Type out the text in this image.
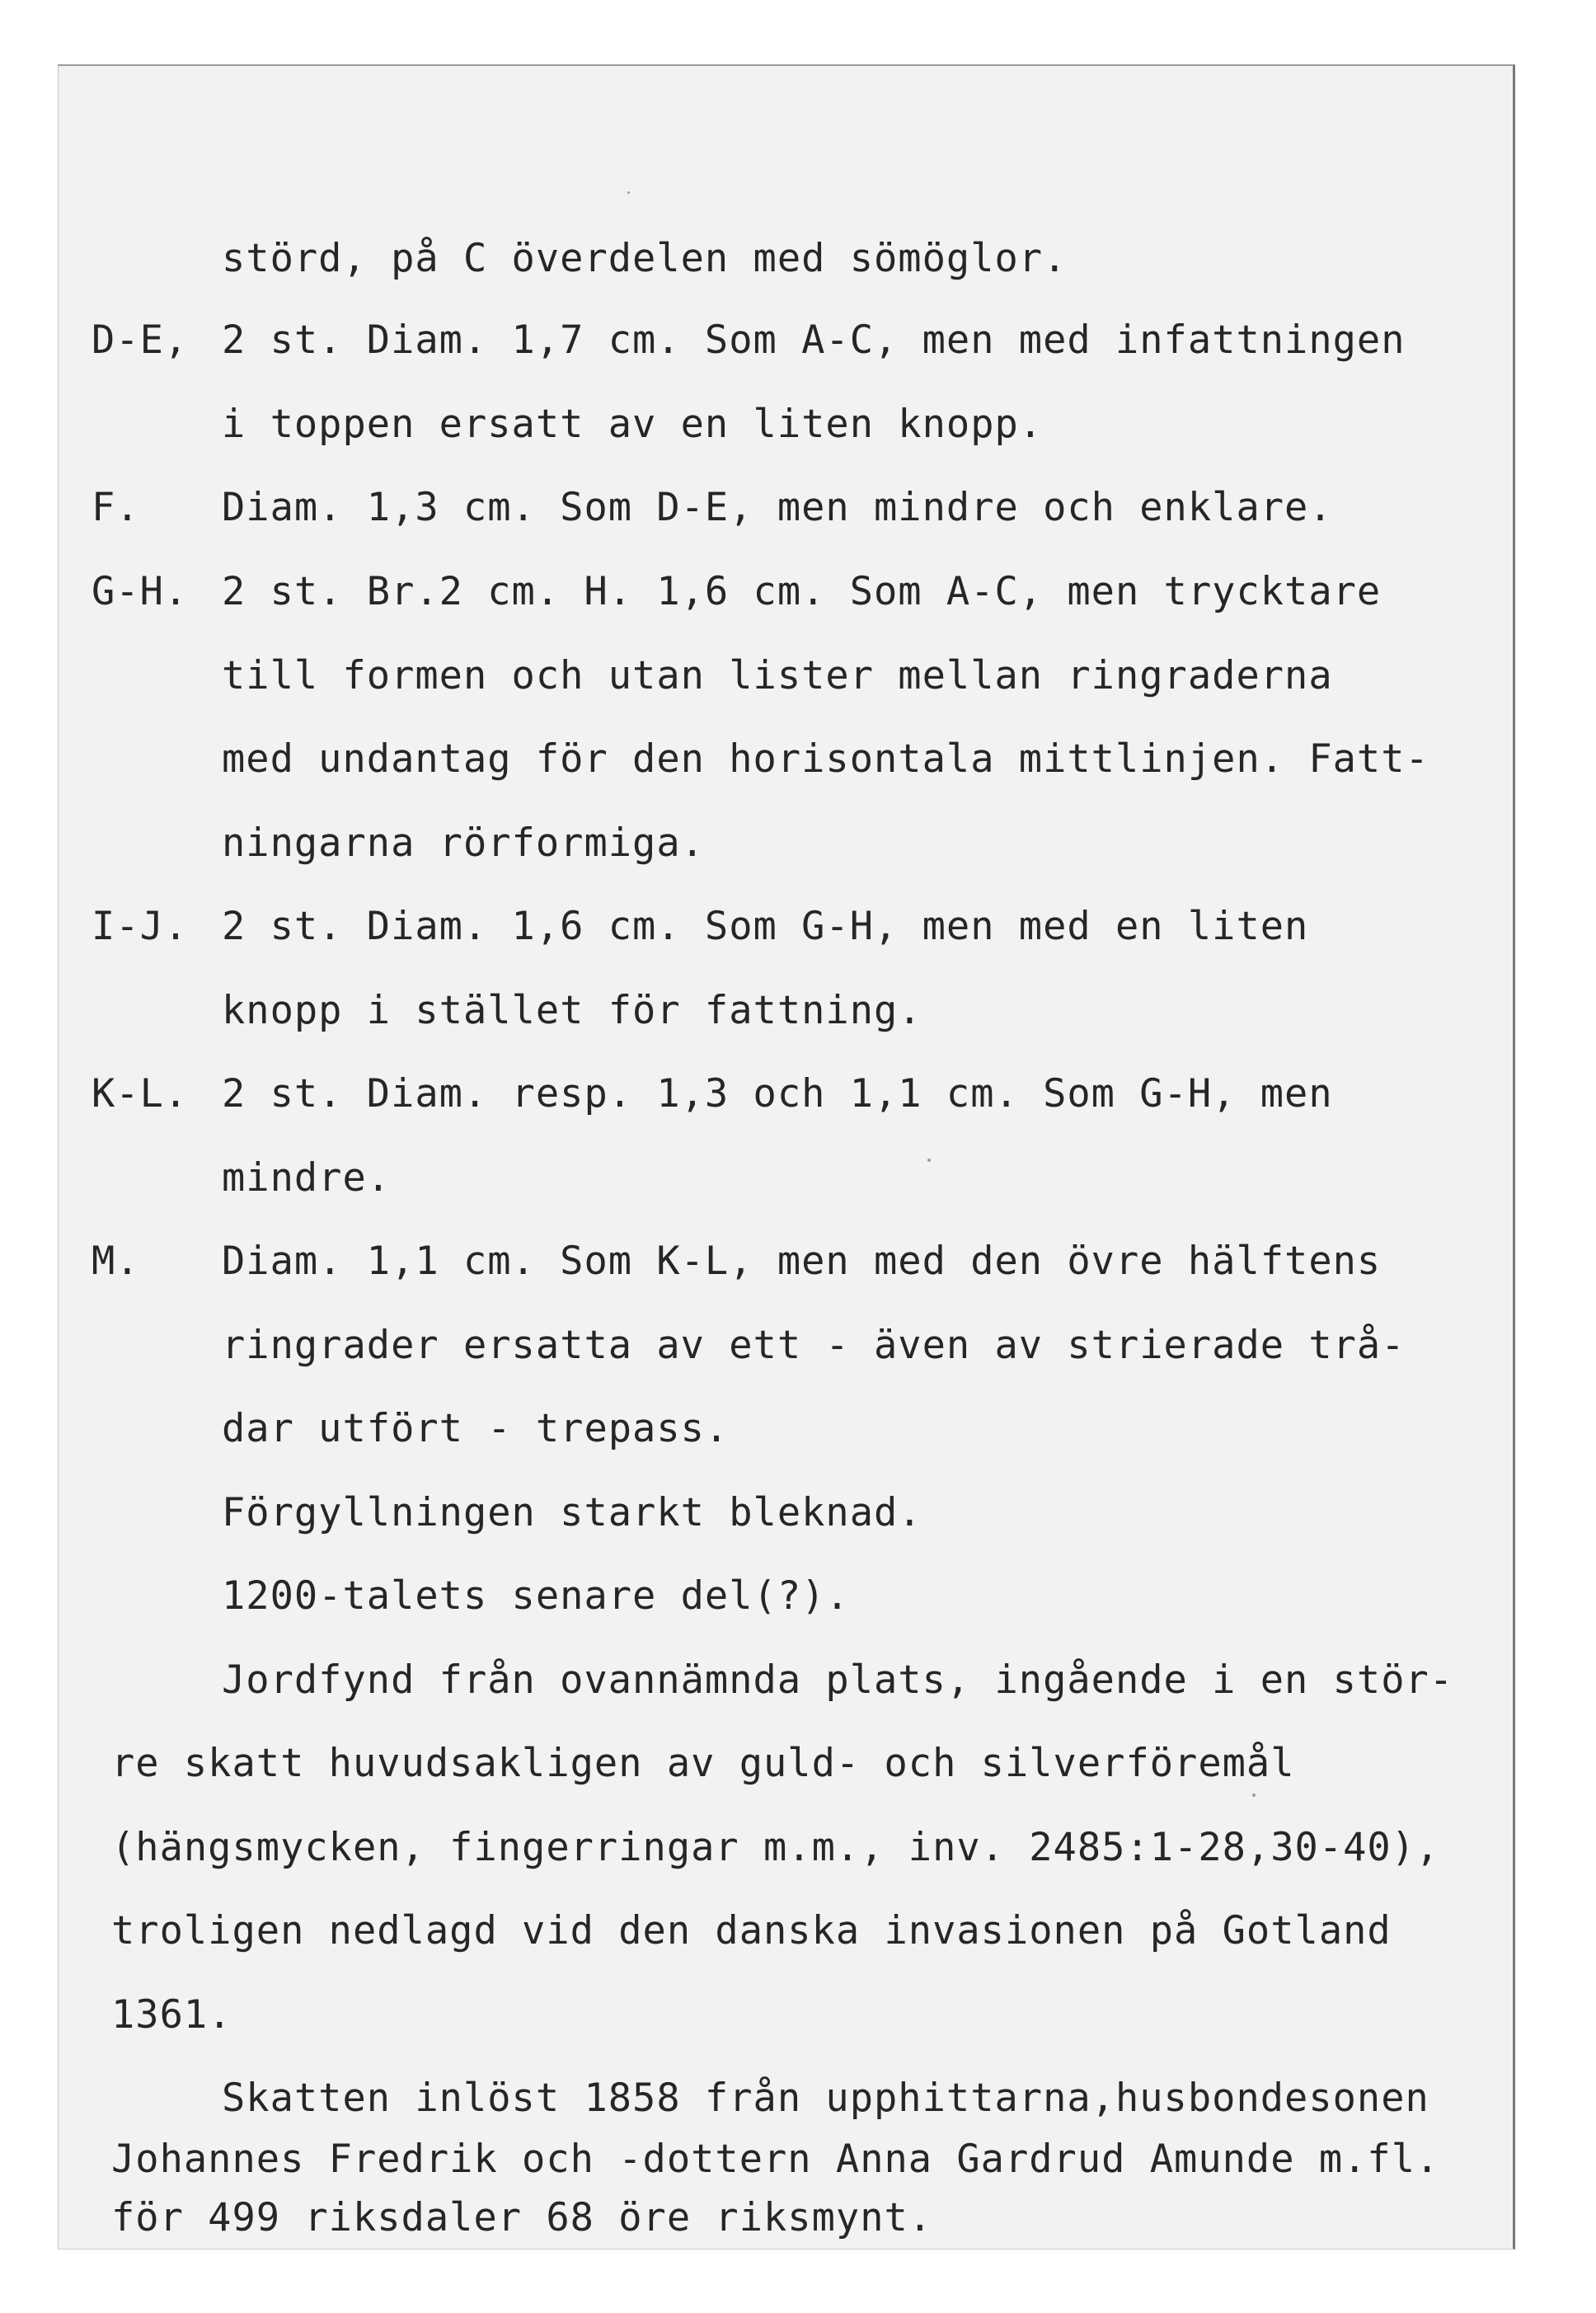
störd, på C överdelen med sömöglor.

D-E, 2 st. Diam. 1,7 cm. Som A-C, men med infattningen

i toppen ersatt av en liten knopp.

F. Diam. 1,3 cm. Som D-E, men mindre och enklare.

G-H. 2 st. Br.2 cm. H. 1,6 cm. Som A-C, men trycktare

till formen och utan lister mellan ringraderna

med undantag för den horisontala mittlinjen. Fatt-

ningarna rörformiga.

I-J. 2 st. Diam. 1,6 cm. Som G-H, men med en liten

knopp i stället för fattning.

K-L. 2 st. Diam. resp. 1,3 och 1,1 cm. Som G-H, men

mindre.

M. Diam. 1,1 cm. Som K-L, men med den övre hälftens

ringrader ersatta av ett - även av strierade trå-

dar utfört - trepass.

Förgyllningen starkt bleknad.

1200-talets senare del(?).

Jordfynd från ovannämnda plats, ingående i en stör-

re skatt huvudsakligen av guld- och silverföremål

(hängsmycken, fingerringar m.m., inv. 2485:1-28,30-40),

troligen nedlagd vid den danska invasionen på Gotland

1361.

Skatten inlöst 1858 från upphittarna,husbondesonen

Johannes Fredrik och -dottern Anna Gardrud Amunde m.fl.

för 499 riksdaler 68 öre riksmynt.
